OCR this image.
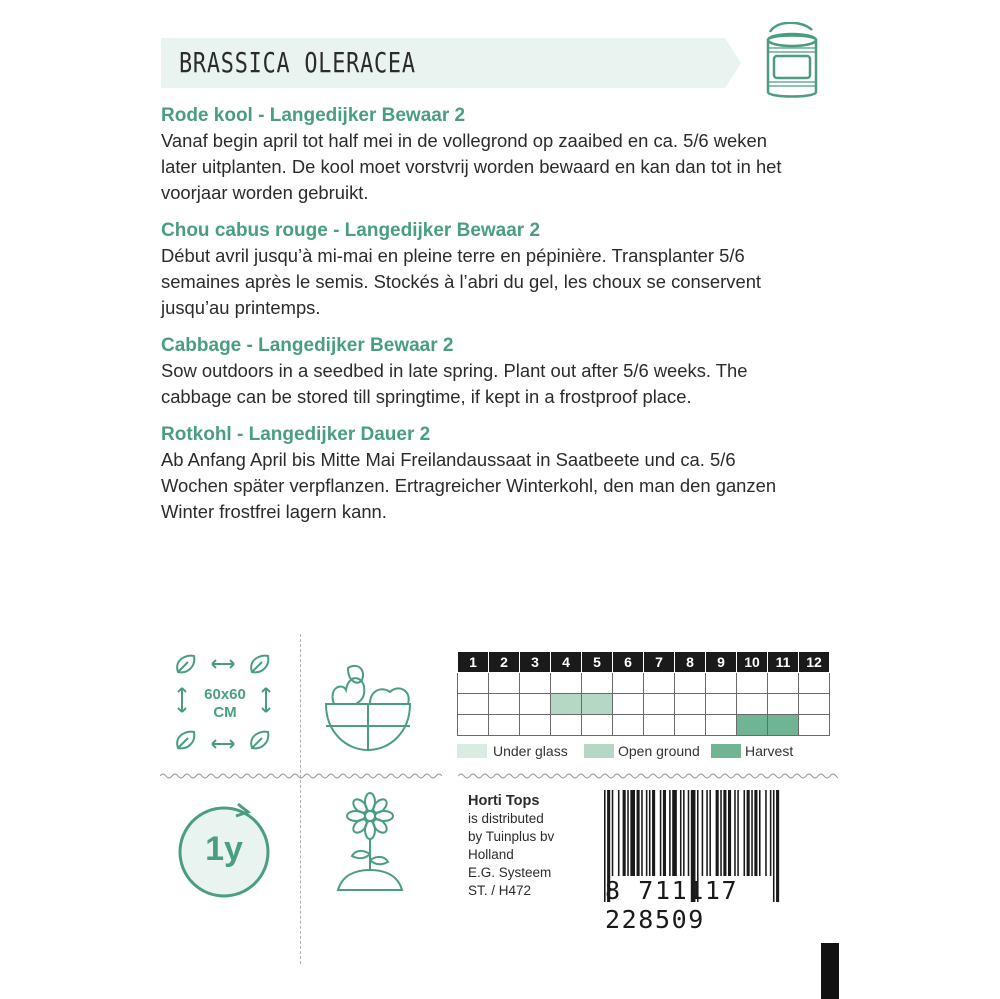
BRASSICA OLERACEA
Rode kool - Langedijker Bewaar 2

Vanaf begin april tot half mei in de vollegrond op zaaibed en ca. 5/6 weken
later uitplanten. De kool moet vorstvrij worden bewaard en kan dan tot in het
voorjaar worden gebruikt.

Chou cabus rouge - Langedijker Bewaar 2

Début avril jusqu’à mi-mai en pleine terre en pépinière. Transplanter 5/6
semaines après le semis. Stockés à l’abri du gel, les choux se conservent
jusqu’au printemps.

Cabbage - Langedijker Bewaar 2

Sow outdoors in a seedbed in late spring. Plant out after 5/6 weeks. The
cabbage can be stored till springtime, if kept in a frostproof place.

Rotkohl - Langedijker Dauer 2

Ab Anfang April bis Mitte Mai Freilandaussaat in Saatbeete und ca. 5/6
Wochen später verpflanzen. Ertragreicher Winterkohl, den man den ganzen
Winter frostfrei lagern kann.

60x60
CM
1y
1	2	3	4	5	6	7	8	9	10	11	12

Under glass	Open ground	Harvest
Horti Tops
is distributed
by Tuinplus bv
Holland
E.G. Systeem
ST. / H472	8 711117 228509
